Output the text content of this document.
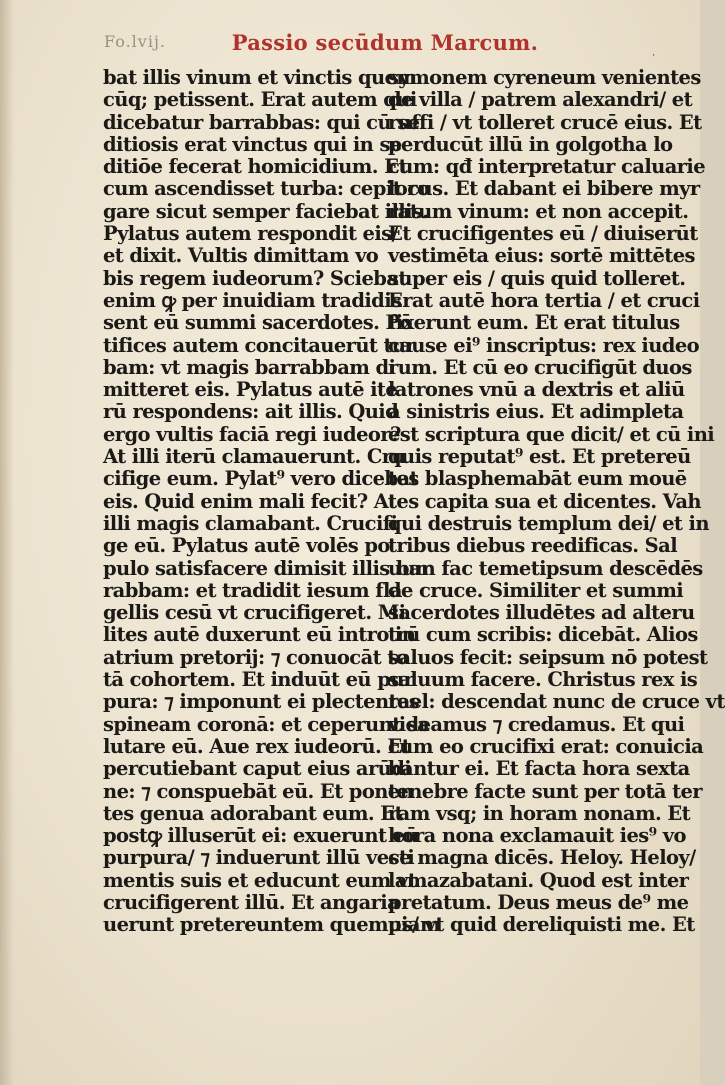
Fo.lvij.	Passio secūdum Marcum.	⸱
bat illis vinum et vinctis quem
cūq; petissent. Erat autem qui
dicebatur barrabbas: qui cū se
ditiosis erat vinctus qui in se
ditiōe fecerat homicidium. Et
cum ascendisset turba: cepit ro
gare sicut semper faciebat illis.
Pylatus autem respondit eis/
et dixit. Vultis dimittam vo
bis regem iudeorum? Sciebat
enim ꝙ per inuidiam tradidis
sent eū summi sacerdotes. Pō
tifices autem concitauerūt tur
bam: vt magis barrabbam di
mitteret eis. Pylatus autē ite
rū respondens: ait illis. Quid
ergo vultis faciā regi iudeor?
At illi iterū clamauerunt. Cru
cifige eum. Pylat⁹ vero dicebat
eis. Quid enim mali fecit? At
illi magis clamabant. Crucifi
ge eū. Pylatus autē volēs po
pulo satisfacere dimisit illis bar
rabbam: et tradidit iesum fla
gellis cesū vt crucifigeret. Mi
lites autē duxerunt eū intro in
atrium pretorij: ⁊ conuocāt to
tā cohortem. Et induūt eū pur
pura: ⁊ imponunt ei plectentes
spineam coronā: et ceperunt sa
lutare eū. Aue rex iudeorū. Et
percutiebant caput eius arūdi
ne: ⁊ conspuebāt eū. Et ponen
tes genua adorabant eum. Et
postꝙ illuserūt ei: exuerunt eū
purpura/ ⁊ induerunt illū vesti
mentis suis et educunt eum vt
crucifigerent illū. Et angaria
uerunt pretereuntem quempiam
symonem cyreneum venientes
de villa / patrem alexandri/ et
ruffi / vt tolleret crucē eius. Et
perducūt illū in golgotha lo
cum: qđ interpretatur caluarie
locus. Et dabant ei bibere myr
ratum vinum: et non accepit.
Et crucifigentes eū / diuiserūt
vestimēta eius: sortē mittētes
super eis / quis quid tolleret.
Erat autē hora tertia / et cruci
fixerunt eum. Et erat titulus
cause ei⁹ inscriptus: rex iudeo
rum. Et cū eo crucifigūt duos
latrones vnū a dextris et aliū
a sinistris eius. Et adimpleta
est scriptura que dicit/ et cū ini
quis reputat⁹ est. Et pretereū
tes blasphemabāt eum mouē
tes capita sua et dicentes. Vah
qui destruis templum dei/ et in
tribus diebus reedificas. Sal
uum fac temetipsum descēdēs
de cruce. Similiter et summi
sacerdotes illudētes ad alteru
trū cum scribis: dicebāt. Alios
saluos fecit: seipsum nō potest
saluum facere. Christus rex is
rael: descendat nunc de cruce vt
videamus ⁊ credamus. Et qui
cum eo crucifixi erat: conuicia
bantur ei. Et facta hora sexta
tenebre facte sunt per totā ter
ram vsq; in horam nonam. Et
hora nona exclamauit ies⁹ vo
ce magna dicēs. Heloy. Heloy/
lamazabatani. Quod est inter
pretatum. Deus meus de⁹ me
us/ vt quid dereliquisti me. Et
